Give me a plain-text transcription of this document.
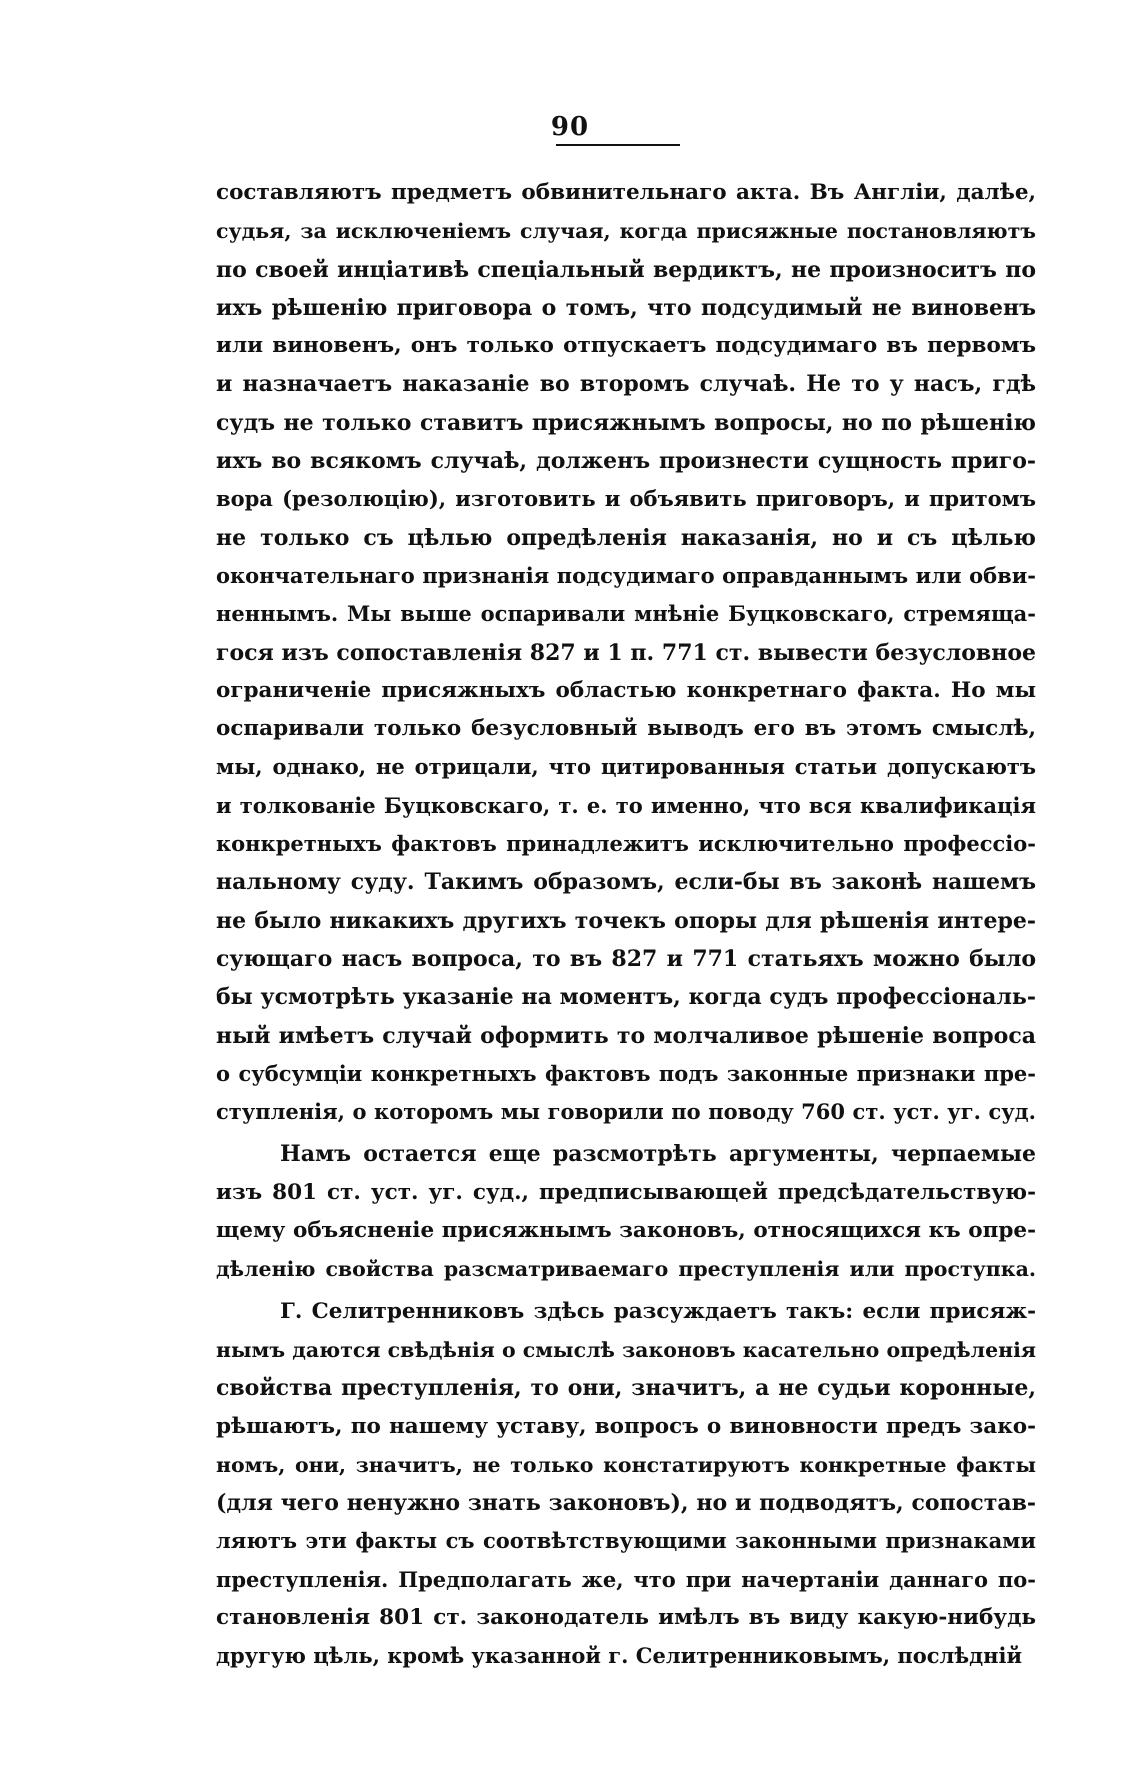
90

составляютъ предметъ обвинительнаго акта. Въ Англіи, далѣе,
судья, за исключеніемъ случая, когда присяжные постановляютъ
по своей инціативѣ спеціальный вердиктъ, не произноситъ по
ихъ рѣшенію приговора о томъ, что подсудимый не виновенъ
или виновенъ, онъ только отпускаетъ подсудимаго въ первомъ
и назначаетъ наказаніе во второмъ случаѣ. Не то у насъ, гдѣ
судъ не только ставитъ присяжнымъ вопросы, но по рѣшенію
ихъ во всякомъ случаѣ, долженъ произнести сущность приго-
вора (резолюцію), изготовить и объявить приговоръ, и притомъ
не только съ цѣлью опредѣленія наказанія, но и съ цѣлью
окончательнаго признанія подсудимаго оправданнымъ или обви-
неннымъ. Мы выше оспаривали мнѣніе Буцковскаго, стремяща-
гося изъ сопоставленія 827 и 1 п. 771 ст. вывести безусловное
ограниченіе присяжныхъ областью конкретнаго факта. Но мы
оспаривали только безусловный выводъ его въ этомъ смыслѣ,
мы, однако, не отрицали, что цитированныя статьи допускаютъ
и толкованіе Буцковскаго, т. е. то именно, что вся квалификація
конкретныхъ фактовъ принадлежитъ исключительно профессіо-
нальному суду. Такимъ образомъ, если-бы въ законѣ нашемъ
не было никакихъ другихъ точекъ опоры для рѣшенія интере-
сующаго насъ вопроса, то въ 827 и 771 статьяхъ можно было
бы усмотрѣть указаніе на моментъ, когда судъ профессіональ-
ный имѣетъ случай оформить то молчаливое рѣшеніе вопроса
о субсумціи конкретныхъ фактовъ подъ законные признаки пре-
ступленія, о которомъ мы говорили по поводу 760 ст. уст. уг. суд.

Намъ остается еще разсмотрѣть аргументы, черпаемые
изъ 801 ст. уст. уг. суд., предписывающей предсѣдательствую-
щему объясненіе присяжнымъ законовъ, относящихся къ опре-
дѣленію свойства разсматриваемаго преступленія или проступка.

Г. Селитренниковъ здѣсь разсуждаетъ такъ: если присяж-
нымъ даются свѣдѣнія о смыслѣ законовъ касательно опредѣленія
свойства преступленія, то они, значитъ, а не судьи коронные,
рѣшаютъ, по нашему уставу, вопросъ о виновности предъ зако-
номъ, они, значитъ, не только констатируютъ конкретные факты
(для чего ненужно знать законовъ), но и подводятъ, сопостав-
ляютъ эти факты съ соотвѣтствующими законными признаками
преступленія. Предполагать же, что при начертаніи даннаго по-
становленія 801 ст. законодатель имѣлъ въ виду какую-нибудь
другую цѣль, кромѣ указанной г. Селитренниковымъ, послѣдній
